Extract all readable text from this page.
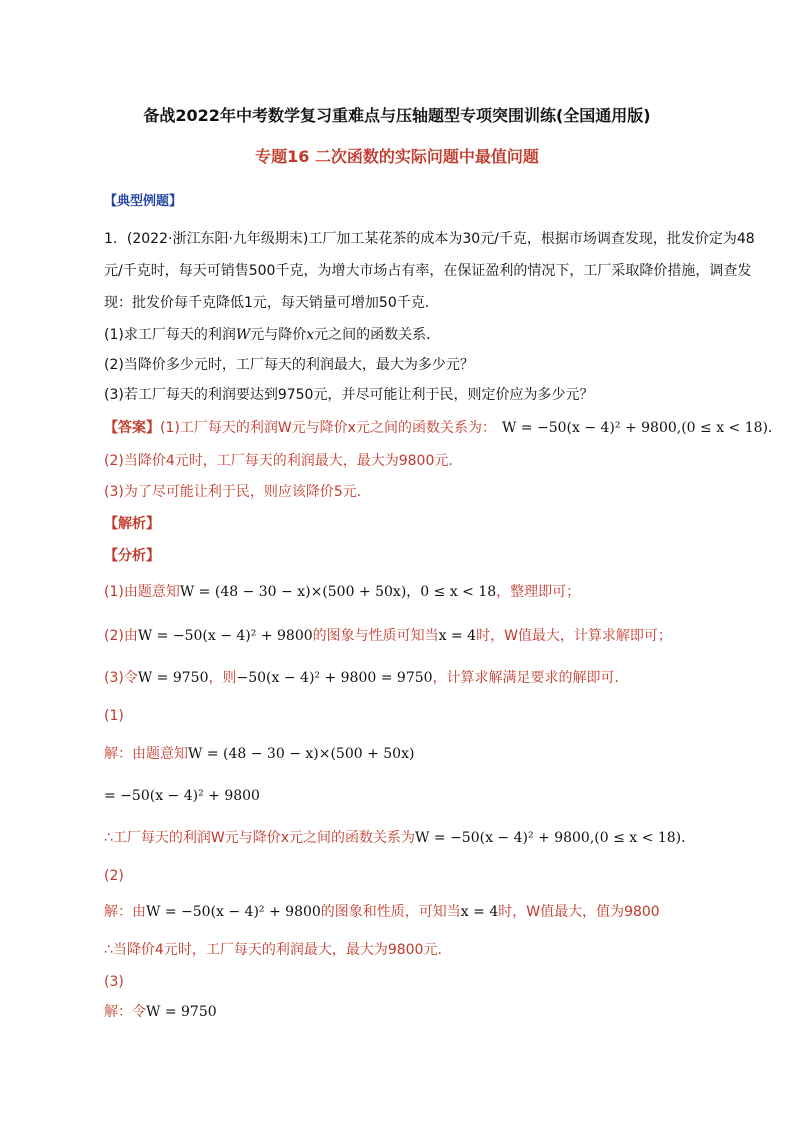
备战2022年中考数学复习重难点与压轴题型专项突围训练(全国通用版)
专题16 二次函数的实际问题中最值问题
【典型例题】
1．(2022·浙江东阳·九年级期末)工厂加工某花茶的成本为30元/千克，根据市场调查发现，批发价定为48
元/千克时，每天可销售500千克，为增大市场占有率，在保证盈利的情况下，工厂采取降价措施，调查发
现：批发价每千克降低1元，每天销量可增加50千克．
(1)求工厂每天的利润W元与降价x元之间的函数关系．
(2)当降价多少元时，工厂每天的利润最大，最大为多少元？
(3)若工厂每天的利润要达到9750元，并尽可能让利于民，则定价应为多少元？
【答案】(1)工厂每天的利润W元与降价x元之间的函数关系为： W = −50(x − 4)² + 9800,(0 ≤ x < 18)．
(2)当降价4元时，工厂每天的利润最大，最大为9800元．
(3)为了尽可能让利于民，则应该降价5元．
【解析】
【分析】
(1)由题意知W = (48 − 30 − x)×(500 + 50x)，0 ≤ x < 18，整理即可；
(2)由W = −50(x − 4)² + 9800的图象与性质可知当x = 4时，W值最大，计算求解即可；
(3)令W = 9750，则−50(x − 4)² + 9800 = 9750，计算求解满足要求的解即可．
(1)
解：由题意知W = (48 − 30 − x)×(500 + 50x)
= −50(x − 4)² + 9800
∴工厂每天的利润W元与降价x元之间的函数关系为W = −50(x − 4)² + 9800,(0 ≤ x < 18)．
(2)
解：由W = −50(x − 4)² + 9800的图象和性质，可知当x = 4时，W值最大，值为9800
∴当降价4元时，工厂每天的利润最大，最大为9800元．
(3)
解：令W = 9750
